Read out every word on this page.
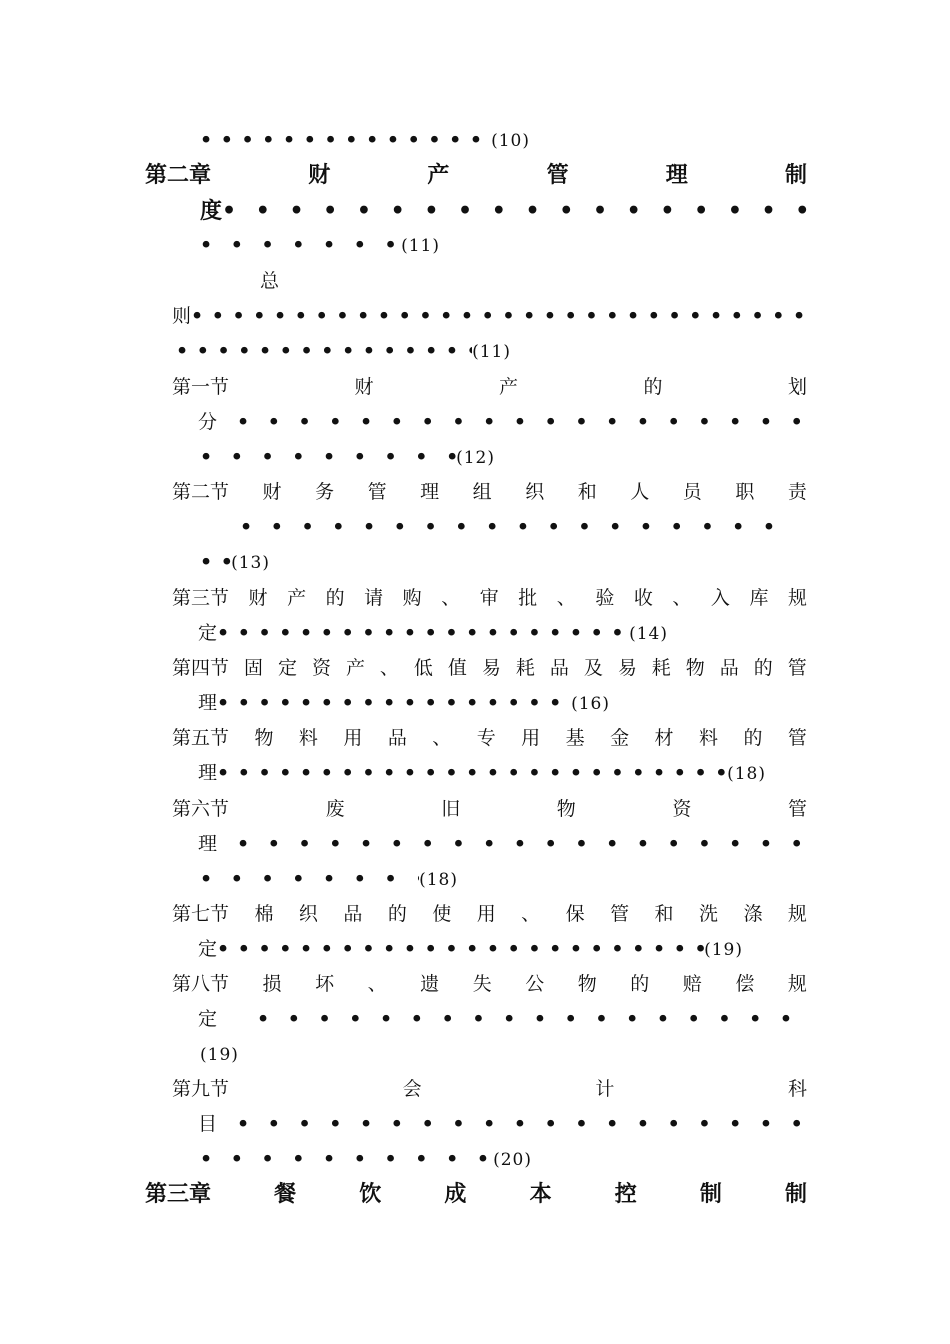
• • •
(10)
第二章	财	产	管	理	制
度
• • •
• • •
(11)
总
则
• • •
• • •
(11)
第一节	财	产	的	划
分
• • •
• • •
(12)
第二节 财 务 管 理 组 织 和 人 员 职 责
• • •
• • •
(13)
第三节 财 产 的 请 购 、 审 批 、 验 收 、 入 库 规
定 • • •	(14)
第四节 固 定 资 产 、 低 值 易 耗 品 及 易 耗 物 品 的 管
理 • • •	(16)
第五节 物 料 用 品 、 专 用 基 金 材 料 的 管
理 • • •	(18)
第六节	废	旧	物	资	管
理
• • •
• • •
(18)
第七节 棉 织 品 的 使 用 、 保 管 和 洗 涤 规
定 • • •	(19)
第八节 损 坏 、 遗 失 公 物 的 赔 偿 规
定
• • •
(19)
第九节	会	计	科
目
• • •
• • •
(20)
第三章	餐	饮	成	本	控	制	制
